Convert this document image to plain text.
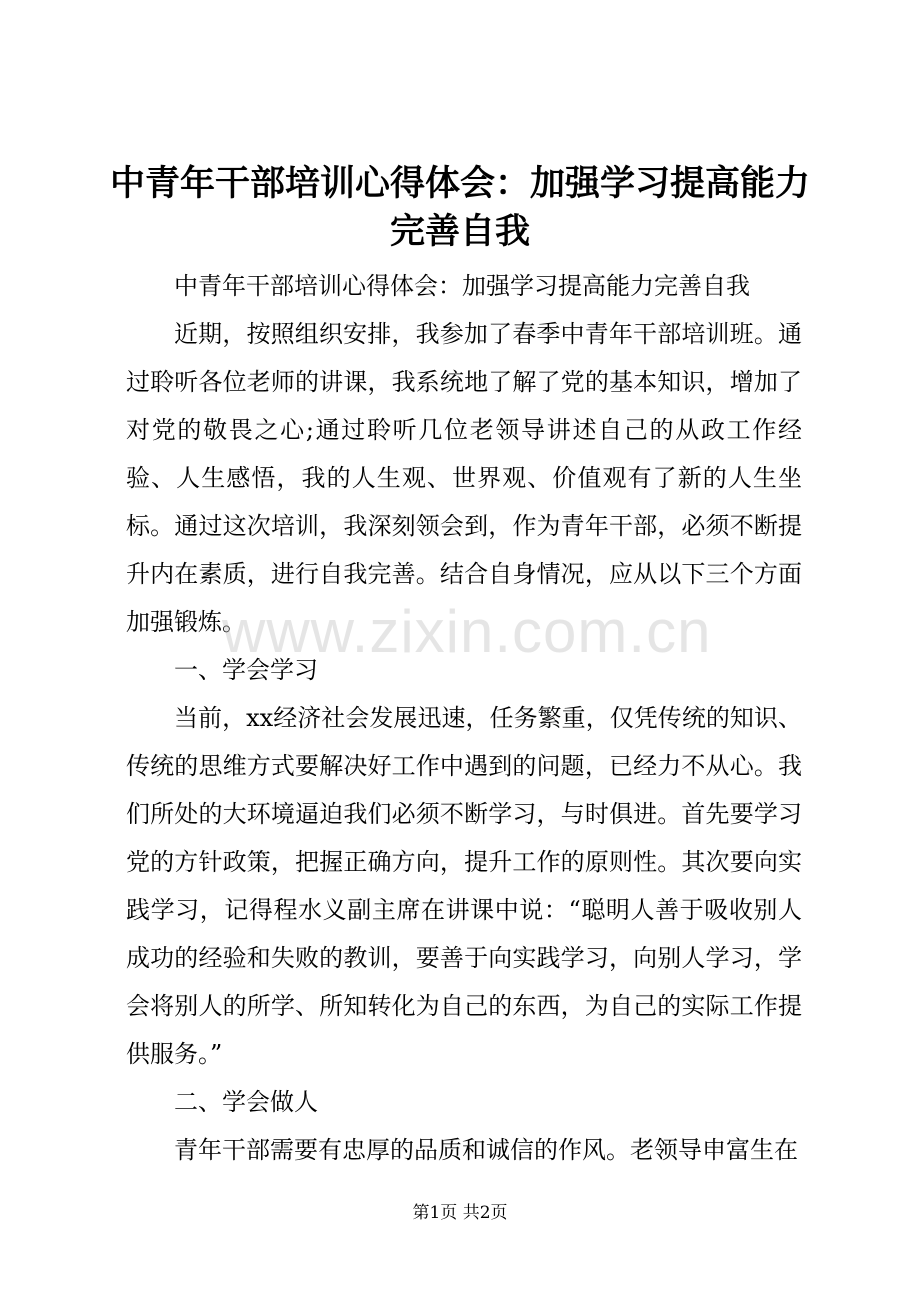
中青年干部培训心得体会：加强学习提高能力完善自我

中青年干部培训心得体会：加强学习提高能力完善自我

近期，按照组织安排，我参加了春季中青年干部培训班。通过聆听各位老师的讲课，我系统地了解了党的基本知识，增加了对党的敬畏之心;通过聆听几位老领导讲述自己的从政工作经验、人生感悟，我的人生观、世界观、价值观有了新的人生坐标。通过这次培训，我深刻领会到，作为青年干部，必须不断提升内在素质，进行自我完善。结合自身情况，应从以下三个方面加强锻炼。

一、学会学习

当前，xx经济社会发展迅速，任务繁重，仅凭传统的知识、传统的思维方式要解决好工作中遇到的问题，已经力不从心。我们所处的大环境逼迫我们必须不断学习，与时俱进。首先要学习党的方针政策，把握正确方向，提升工作的原则性。其次要向实践学习，记得程水义副主席在讲课中说：“聪明人善于吸收别人成功的经验和失败的教训，要善于向实践学习，向别人学习，学会将别人的所学、所知转化为自己的东西，为自己的实际工作提供服务。”

二、学会做人

青年干部需要有忠厚的品质和诚信的作风。老领导申富生在

www.zixin.com.cn
第1页 共2页
